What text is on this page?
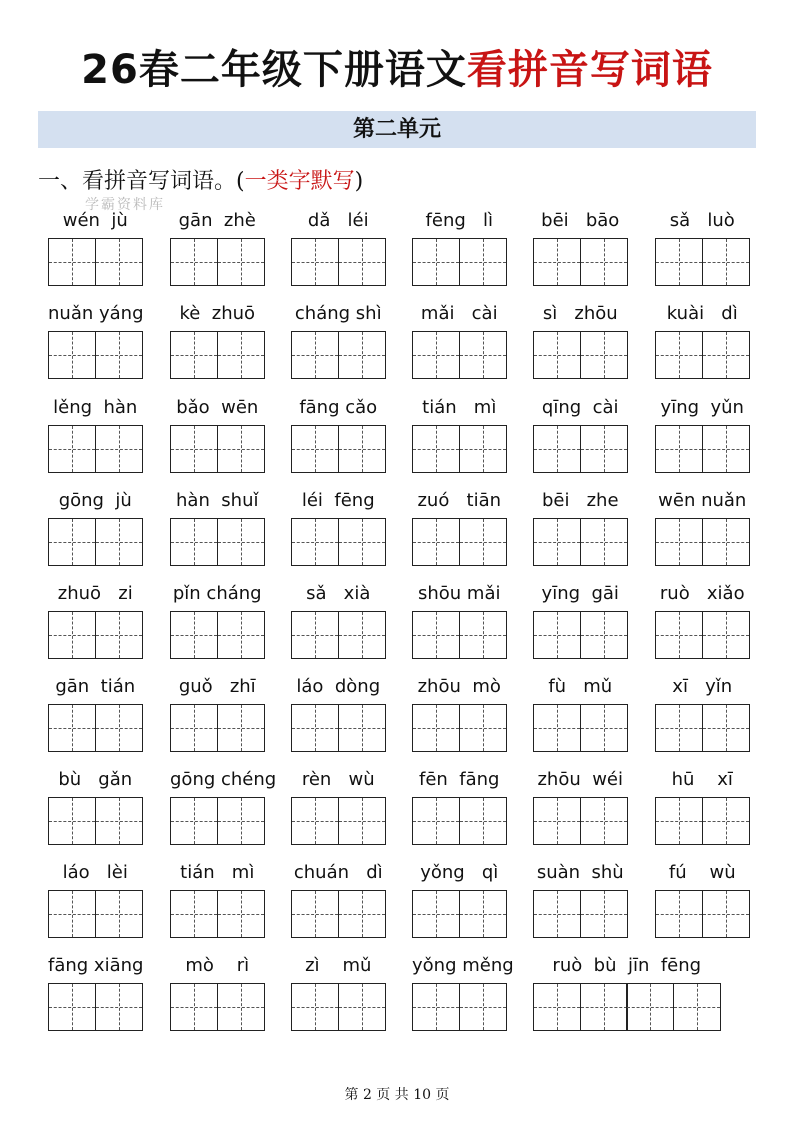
26春二年级下册语文看拼音写词语
第二单元
一、看拼音写词语。(一类字默写)
学霸资料库
wén  jù	gān  zhè	dǎ   léi	fēng   lì	bēi   bāo	sǎ   luò
nuǎn yáng	kè  zhuō	cháng shì	mǎi   cài	sì   zhōu	kuài   dì
lěng  hàn	bǎo  wēn	fāng cǎo	tián   mì	qīng  cài	yīng  yǔn
gōng  jù	hàn  shuǐ	léi  fēng	zuó   tiān	bēi   zhe	wēn nuǎn
zhuō   zi	pǐn cháng	sǎ   xià	shōu mǎi	yīng  gāi	ruò   xiǎo
gān  tián	guǒ   zhī	láo  dòng	zhōu  mò	fù   mǔ	xī   yǐn
bù   gǎn	gōng chéng	rèn   wù	fēn  fāng	zhōu  wéi	hū    xī
láo   lèi	tián   mì	chuán   dì	yǒng   qì	suàn  shù	fú    wù
fāng xiāng	mò    rì	zì    mǔ	yǒng měng	ruò  bù  jīn  fēng
第 2 页 共 10 页
